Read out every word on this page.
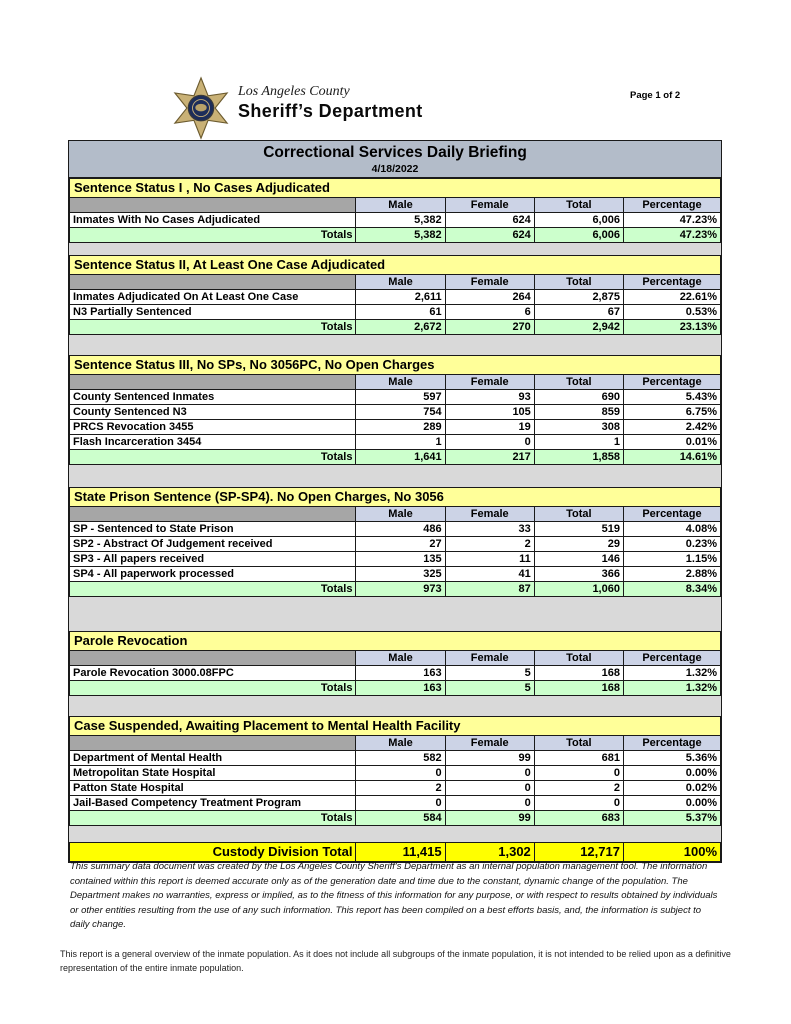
Los Angeles County
Sheriff’s Department
Page 1 of 2
Correctional Services Daily Briefing
4/18/2022
Sentence Status I , No Cases Adjudicated
	Male	Female	Total	Percentage
Inmates With No Cases Adjudicated	5,382	624	6,006	47.23%
Totals	5,382	624	6,006	47.23%
Sentence Status II, At Least One Case Adjudicated
	Male	Female	Total	Percentage
Inmates Adjudicated On At Least One Case	2,611	264	2,875	22.61%
N3 Partially Sentenced	61	6	67	0.53%
Totals	2,672	270	2,942	23.13%
Sentence Status III, No SPs, No 3056PC, No Open Charges
	Male	Female	Total	Percentage
County Sentenced Inmates	597	93	690	5.43%
County Sentenced N3	754	105	859	6.75%
PRCS Revocation 3455	289	19	308	2.42%
Flash Incarceration 3454	1	0	1	0.01%
Totals	1,641	217	1,858	14.61%
State Prison Sentence (SP-SP4). No Open Charges, No 3056
	Male	Female	Total	Percentage
SP - Sentenced to State Prison	486	33	519	4.08%
SP2 - Abstract Of Judgement received	27	2	29	0.23%
SP3 - All papers received	135	11	146	1.15%
SP4 - All paperwork processed	325	41	366	2.88%
Totals	973	87	1,060	8.34%
Parole Revocation
	Male	Female	Total	Percentage
Parole Revocation 3000.08FPC	163	5	168	1.32%
Totals	163	5	168	1.32%
Case Suspended, Awaiting Placement to Mental Health Facility
	Male	Female	Total	Percentage
Department of Mental Health	582	99	681	5.36%
Metropolitan State Hospital	0	0	0	0.00%
Patton State Hospital	2	0	2	0.02%
Jail-Based Competency Treatment Program	0	0	0	0.00%
Totals	584	99	683	5.37%
Custody Division Total	11,415	1,302	12,717	100%

This summary data document was created by the Los Angeles County Sheriff's Department as an internal population management tool. The information contained within this report is deemed accurate only as of the generation date and time due to the constant, dynamic change of the population. The Department makes no warranties, express or implied, as to the fitness of this information for any purpose, or with respect to results obtained by individuals or other entities resulting from the use of any such information. This report has been compiled on a best efforts basis, and, the information is subject to daily change.

This report is a general overview of the inmate population. As it does not include all subgroups of the inmate population, it is not intended to be relied upon as a definitive representation of the entire inmate population.
